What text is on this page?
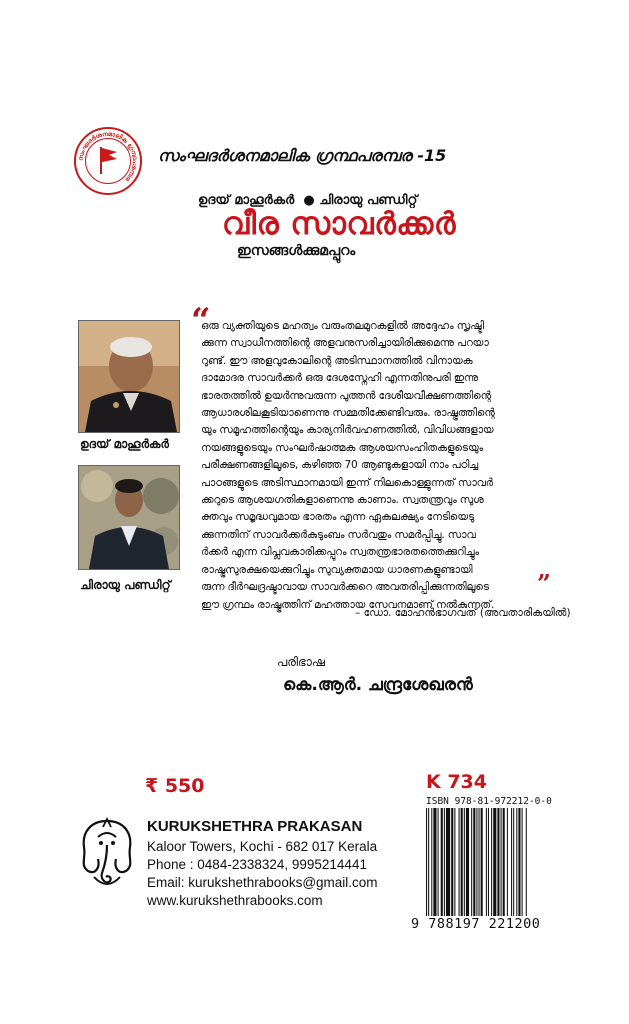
സംഘദർശനമാലിക ഗ്രന്ഥപരമ്പര
സംഘദർശനമാലിക ഗ്രന്ഥപരമ്പര -15
ഉദയ് മാഹൂർകർ ● ചിരായു പണ്ഡിറ്റ്
വീര സാവർക്കർ
ഇസങ്ങൾക്കുമപ്പുറം
ഉദയ് മാഹൂർകർ
ചിരായു പണ്ഡിറ്റ്
“
ഒരു വ്യക്തിയുടെ മഹത്വം വരുംതലമുറകളിൽ അദ്ദേഹം സൃഷ്ടി
ക്കുന്ന സ്വാധീനത്തിന്റെ അളവനുസരിച്ചായിരിക്കുമെന്നു പറയാ
റുണ്ട്. ഈ അളവുകോലിന്റെ അടിസ്ഥാനത്തിൽ വിനായക
ദാമോദര സാവർക്കർ ഒരു ദേശസ്നേഹി എന്നതിനുപരി ഇന്നു
ഭാരതത്തിൽ ഉയർന്നുവരുന്ന പുത്തൻ ദേശീയവീക്ഷണത്തിന്റെ
ആധാരശിലകൂടിയാണെന്നു സമ്മതിക്കേണ്ടിവരും. രാഷ്ട്രത്തിന്റെ
യും സമൂഹത്തിന്റെയും കാര്യനിർവഹണത്തിൽ, വിവിധങ്ങളായ
നയങ്ങളുടെയും സംഘർഷാത്മക ആശയസംഹിതകളുടെയും
പരീക്ഷണങ്ങളിലൂടെ, കഴിഞ്ഞ 70 ആണ്ടുകളായി നാം പഠിച്ച
പാഠങ്ങളുടെ അടിസ്ഥാനമായി ഇന്ന് നിലകൊള്ളുന്നത് സാവർ
ക്കറുടെ ആശയഗതികളാണെന്നു കാണാം. സ്വതന്ത്രവും സുശ
ക്തവും സമൃദ്ധവുമായ ഭാരതം എന്ന ഏകലക്ഷ്യം നേടിയെടു
ക്കുന്നതിന് സാവർക്കർകുടുംബം സർവതും സമർപ്പിച്ചു. സാവ
ർക്കർ എന്ന വിപ്ലവകാരിക്കപ്പുറം സ്വതന്ത്രഭാരതത്തെക്കുറിച്ചും
രാഷ്ട്രസുരക്ഷയെക്കുറിച്ചും സുവ്യക്തമായ ധാരണകളുണ്ടായി
രുന്ന ദീർഘദ്രഷ്ടാവായ സാവർക്കറെ അവതരിപ്പിക്കുന്നതിലൂടെ
ഈ ഗ്രന്ഥം രാഷ്ട്രത്തിന് മഹത്തായ സേവനമാണ് നൽകുന്നത്.
”
– ഡോ. മോഹൻഭാഗവത് (അവതാരികയിൽ)
പരിഭാഷ
കെ.ആർ. ചന്ദ്രശേഖരൻ
₹ 550	K 734
KURUKSHETHRA PRAKASAN
Kaloor Towers, Kochi - 682 017 Kerala
Phone : 0484-2338324, 9995214441
Email: kurukshethrabooks@gmail.com
www.kurukshethrabooks.com
ISBN 978-81-972212-0-0
9 788197 221200
